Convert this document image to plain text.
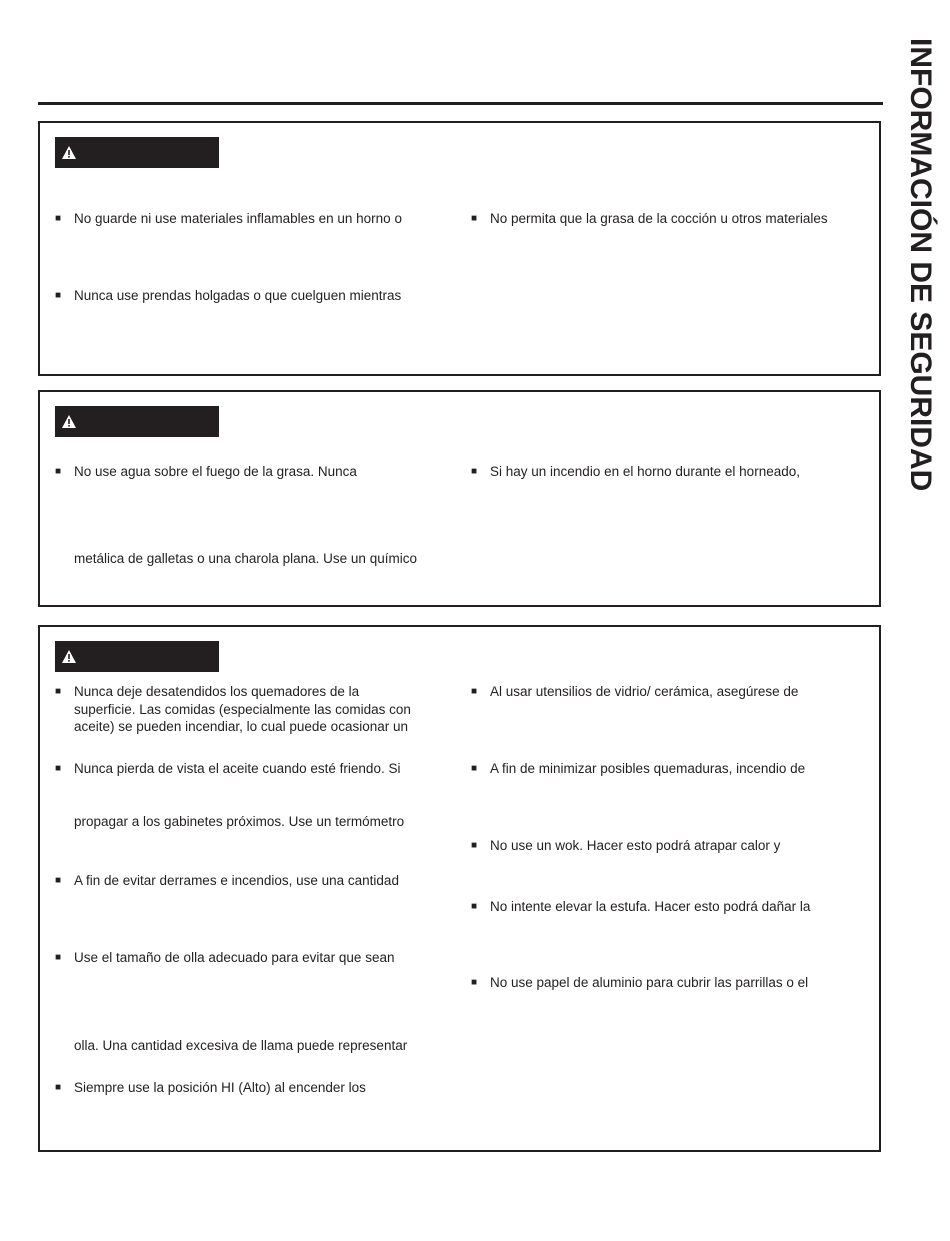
INFORMACIÓN DE SEGURIDAD
■ No guarde ni use materiales inflamables en un horno o
■ Nunca use prendas holgadas o que cuelguen mientras
■ No permita que la grasa de la cocción u otros materiales
■ No use agua sobre el fuego de la grasa. Nunca
metálica de galletas o una charola plana. Use un químico
■ Si hay un incendio en el horno durante el horneado,
■ Nunca deje desatendidos los quemadores de la
superficie. Las comidas (especialmente las comidas con
aceite) se pueden incendiar, lo cual puede ocasionar un
■ Nunca pierda de vista el aceite cuando esté friendo. Si
propagar a los gabinetes próximos. Use un termómetro
■ A fin de evitar derrames e incendios, use una cantidad
■ Use el tamaño de olla adecuado para evitar que sean
olla. Una cantidad excesiva de llama puede representar
■ Siempre use la posición HI (Alto) al encender los
■ Al usar utensilios de vidrio/ cerámica, asegúrese de
■ A fin de minimizar posibles quemaduras, incendio de
■ No use un wok. Hacer esto podrá atrapar calor y
■ No intente elevar la estufa. Hacer esto podrá dañar la
■ No use papel de aluminio para cubrir las parrillas o el
